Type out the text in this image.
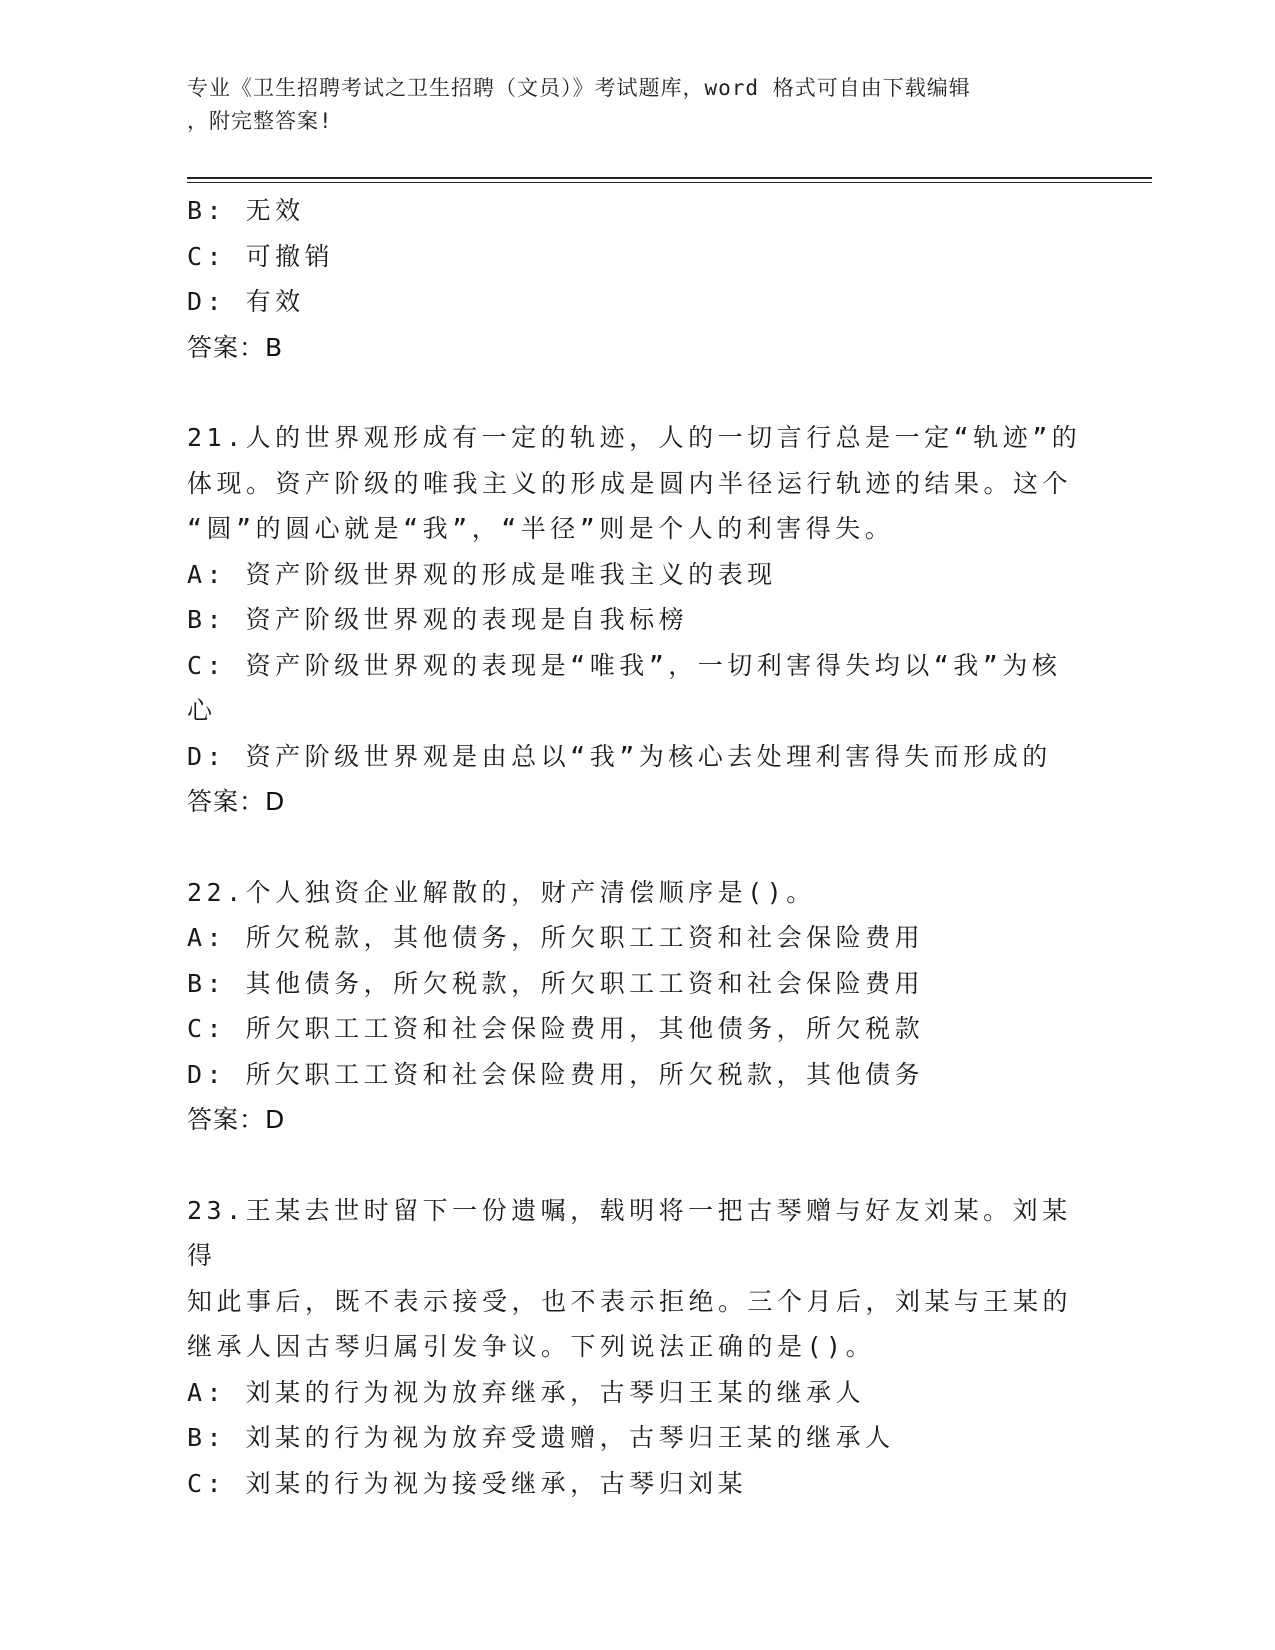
专业《卫生招聘考试之卫生招聘（文员）》考试题库，word 格式可自由下载编辑
，附完整答案!
B: 无效
C: 可撤销
D: 有效
答案：B
21.人的世界观形成有一定的轨迹，人的一切言行总是一定“轨迹”的
体现。资产阶级的唯我主义的形成是圆内半径运行轨迹的结果。这个
“圆”的圆心就是“我”，“半径”则是个人的利害得失。
A: 资产阶级世界观的形成是唯我主义的表现
B: 资产阶级世界观的表现是自我标榜
C: 资产阶级世界观的表现是“唯我”，一切利害得失均以“我”为核
心
D: 资产阶级世界观是由总以“我”为核心去处理利害得失而形成的
答案：D
22.个人独资企业解散的，财产清偿顺序是()。
A: 所欠税款，其他债务，所欠职工工资和社会保险费用
B: 其他债务，所欠税款，所欠职工工资和社会保险费用
C: 所欠职工工资和社会保险费用，其他债务，所欠税款
D: 所欠职工工资和社会保险费用，所欠税款，其他债务
答案：D
23.王某去世时留下一份遗嘱，载明将一把古琴赠与好友刘某。刘某得
知此事后，既不表示接受，也不表示拒绝。三个月后，刘某与王某的
继承人因古琴归属引发争议。下列说法正确的是()。
A: 刘某的行为视为放弃继承，古琴归王某的继承人
B: 刘某的行为视为放弃受遗赠，古琴归王某的继承人
C: 刘某的行为视为接受继承，古琴归刘某
